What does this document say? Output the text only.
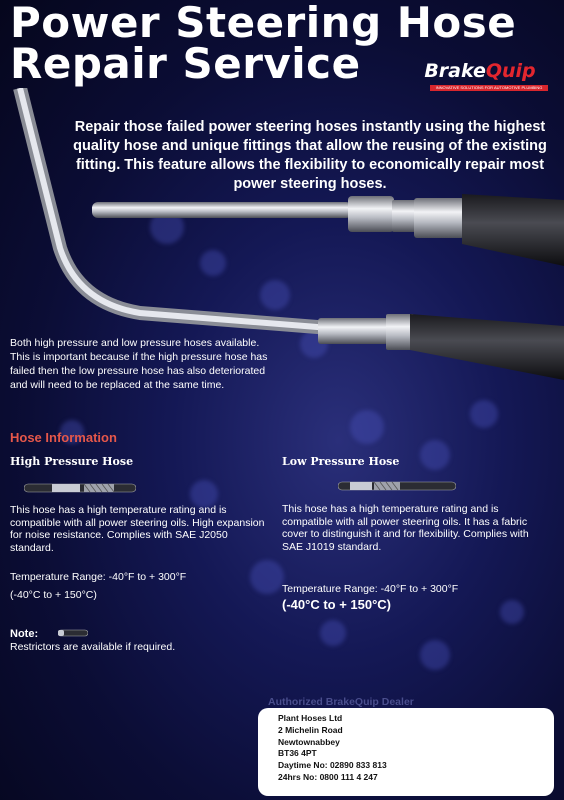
Power Steering Hose
Repair Service	BrakeQuip
INNOVATIVE SOLUTIONS FOR AUTOMOTIVE PLUMBING

Repair those failed power steering hoses instantly using the highest quality hose and unique fittings that allow the reusing of the existing fitting. This feature allows the flexibility to economically repair most power steering hoses.

Both high pressure and low pressure hoses available. This is important because if the high pressure hose has failed then the low pressure hose has also deteriorated and will need to be replaced at the same time.

Hose Information
High Pressure Hose

This hose has a high temperature rating and is compatible with all power steering oils. High expansion for noise resistance. Complies with SAE J2050 standard.

Temperature Range: -40°F to + 300°F

(-40°C to + 150°C)

Low Pressure Hose

This hose has a high temperature rating and is compatible with all power steering oils. It has a fabric cover to distinguish it and for flexibility. Complies with SAE J1019 standard.

Temperature Range: -40°F to + 300°F

(-40°C to + 150°C)

Note:

Restrictors are available if required.

Authorized BrakeQuip Dealer
Plant Hoses Ltd
2 Michelin Road
Newtownabbey
BT36 4PT
Daytime No: 02890 833 813
24hrs No: 0800 111 4 247
